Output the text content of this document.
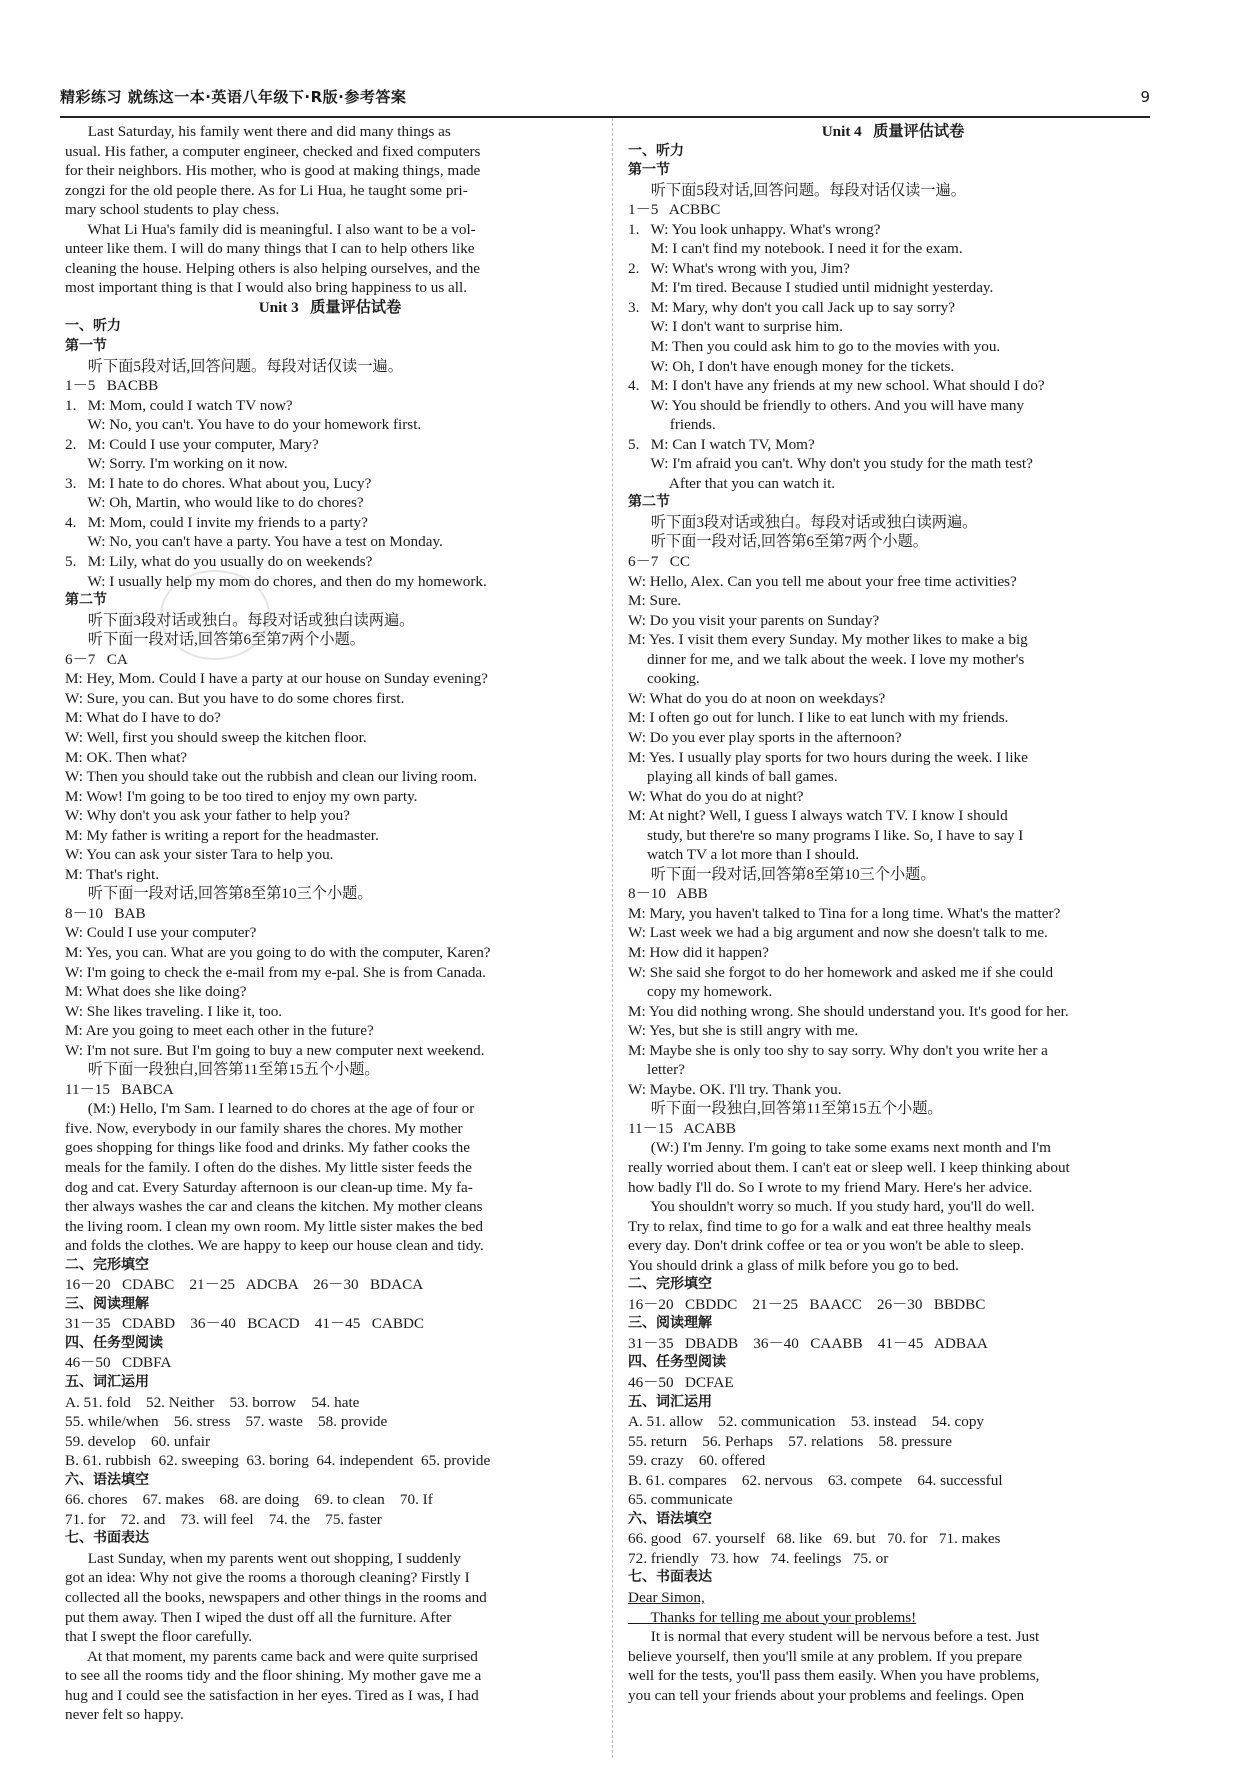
精彩练习 就练这一本·英语八年级下·R版·参考答案	9
Last Saturday, his family went there and did many things as
usual. His father, a computer engineer, checked and fixed computers
for their neighbors. His mother, who is good at making things, made
zongzi for the old people there. As for Li Hua, he taught some pri-
mary school students to play chess.
What Li Hua's family did is meaningful. I also want to be a vol-
unteer like them. I will do many things that I can to help others like
cleaning the house. Helping others is also helping ourselves, and the
most important thing is that I would also bring happiness to us all.
Unit 3   质量评估试卷
一、听力
第一节
听下面5段对话,回答问题。每段对话仅读一遍。
1－5   BACBB
1.   M: Mom, could I watch TV now?
W: No, you can't. You have to do your homework first.
2.   M: Could I use your computer, Mary?
W: Sorry. I'm working on it now.
3.   M: I hate to do chores. What about you, Lucy?
W: Oh, Martin, who would like to do chores?
4.   M: Mom, could I invite my friends to a party?
W: No, you can't have a party. You have a test on Monday.
5.   M: Lily, what do you usually do on weekends?
W: I usually help my mom do chores, and then do my homework.
第二节
听下面3段对话或独白。每段对话或独白读两遍。
听下面一段对话,回答第6至第7两个小题。
6－7   CA
M: Hey, Mom. Could I have a party at our house on Sunday evening?
W: Sure, you can. But you have to do some chores first.
M: What do I have to do?
W: Well, first you should sweep the kitchen floor.
M: OK. Then what?
W: Then you should take out the rubbish and clean our living room.
M: Wow! I'm going to be too tired to enjoy my own party.
W: Why don't you ask your father to help you?
M: My father is writing a report for the headmaster.
W: You can ask your sister Tara to help you.
M: That's right.
听下面一段对话,回答第8至第10三个小题。
8－10   BAB
W: Could I use your computer?
M: Yes, you can. What are you going to do with the computer, Karen?
W: I'm going to check the e-mail from my e-pal. She is from Canada.
M: What does she like doing?
W: She likes traveling. I like it, too.
M: Are you going to meet each other in the future?
W: I'm not sure. But I'm going to buy a new computer next weekend.
听下面一段独白,回答第11至第15五个小题。
11－15   BABCA
(M:) Hello, I'm Sam. I learned to do chores at the age of four or
five. Now, everybody in our family shares the chores. My mother
goes shopping for things like food and drinks. My father cooks the
meals for the family. I often do the dishes. My little sister feeds the
dog and cat. Every Saturday afternoon is our clean-up time. My fa-
ther always washes the car and cleans the kitchen. My mother cleans
the living room. I clean my own room. My little sister makes the bed
and folds the clothes. We are happy to keep our house clean and tidy.
二、完形填空
16－20   CDABC    21－25   ADCBA    26－30   BDACA
三、阅读理解
31－35   CDABD    36－40   BCACD    41－45   CABDC
四、任务型阅读
46－50   CDBFA
五、词汇运用
A. 51. fold    52. Neither    53. borrow    54. hate
55. while/when    56. stress    57. waste    58. provide
59. develop    60. unfair
B. 61. rubbish  62. sweeping  63. boring  64. independent  65. provide
六、语法填空
66. chores    67. makes    68. are doing    69. to clean    70. If
71. for    72. and    73. will feel    74. the    75. faster
七、书面表达
Last Sunday, when my parents went out shopping, I suddenly
got an idea: Why not give the rooms a thorough cleaning? Firstly I
collected all the books, newspapers and other things in the rooms and
put them away. Then I wiped the dust off all the furniture. After
that I swept the floor carefully.
At that moment, my parents came back and were quite surprised
to see all the rooms tidy and the floor shining. My mother gave me a
hug and I could see the satisfaction in her eyes. Tired as I was, I had
never felt so happy.
Unit 4   质量评估试卷
一、听力
第一节
听下面5段对话,回答问题。每段对话仅读一遍。
1－5   ACBBC
1.   W: You look unhappy. What's wrong?
M: I can't find my notebook. I need it for the exam.
2.   W: What's wrong with you, Jim?
M: I'm tired. Because I studied until midnight yesterday.
3.   M: Mary, why don't you call Jack up to say sorry?
W: I don't want to surprise him.
M: Then you could ask him to go to the movies with you.
W: Oh, I don't have enough money for the tickets.
4.   M: I don't have any friends at my new school. What should I do?
W: You should be friendly to others. And you will have many
friends.
5.   M: Can I watch TV, Mom?
W: I'm afraid you can't. Why don't you study for the math test?
After that you can watch it.
第二节
听下面3段对话或独白。每段对话或独白读两遍。
听下面一段对话,回答第6至第7两个小题。
6－7   CC
W: Hello, Alex. Can you tell me about your free time activities?
M: Sure.
W: Do you visit your parents on Sunday?
M: Yes. I visit them every Sunday. My mother likes to make a big
dinner for me, and we talk about the week. I love my mother's
cooking.
W: What do you do at noon on weekdays?
M: I often go out for lunch. I like to eat lunch with my friends.
W: Do you ever play sports in the afternoon?
M: Yes. I usually play sports for two hours during the week. I like
playing all kinds of ball games.
W: What do you do at night?
M: At night? Well, I guess I always watch TV. I know I should
study, but there're so many programs I like. So, I have to say I
watch TV a lot more than I should.
听下面一段对话,回答第8至第10三个小题。
8－10   ABB
M: Mary, you haven't talked to Tina for a long time. What's the matter?
W: Last week we had a big argument and now she doesn't talk to me.
M: How did it happen?
W: She said she forgot to do her homework and asked me if she could
copy my homework.
M: You did nothing wrong. She should understand you. It's good for her.
W: Yes, but she is still angry with me.
M: Maybe she is only too shy to say sorry. Why don't you write her a
letter?
W: Maybe. OK. I'll try. Thank you.
听下面一段独白,回答第11至第15五个小题。
11－15   ACABB
(W:) I'm Jenny. I'm going to take some exams next month and I'm
really worried about them. I can't eat or sleep well. I keep thinking about
how badly I'll do. So I wrote to my friend Mary. Here's her advice.
You shouldn't worry so much. If you study hard, you'll do well.
Try to relax, find time to go for a walk and eat three healthy meals
every day. Don't drink coffee or tea or you won't be able to sleep.
You should drink a glass of milk before you go to bed.
二、完形填空
16－20   CBDDC    21－25   BAACC    26－30   BBDBC
三、阅读理解
31－35   DBADB    36－40   CAABB    41－45   ADBAA
四、任务型阅读
46－50   DCFAE
五、词汇运用
A. 51. allow    52. communication    53. instead    54. copy
55. return    56. Perhaps    57. relations    58. pressure
59. crazy    60. offered
B. 61. compares    62. nervous    63. compete    64. successful
65. communicate
六、语法填空
66. good   67. yourself   68. like   69. but   70. for   71. makes
72. friendly   73. how   74. feelings   75. or
七、书面表达
Dear Simon,
Thanks for telling me about your problems!
It is normal that every student will be nervous before a test. Just
believe yourself, then you'll smile at any problem. If you prepare
well for the tests, you'll pass them easily. When you have problems,
you can tell your friends about your problems and feelings. Open
